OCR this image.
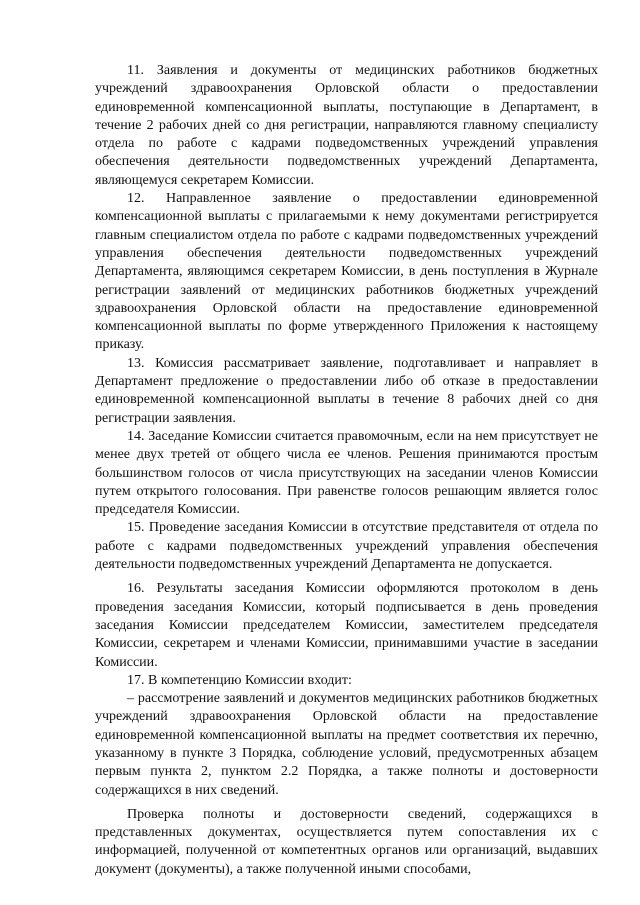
11. Заявления и документы от медицинских работников бюджетных учреждений здравоохранения Орловской области о предоставлении единовременной компенсационной выплаты, поступающие в Департамент, в течение 2 рабочих дней со дня регистрации, направляются главному специалисту отдела по работе с кадрами подведомственных учреждений управления обеспечения деятельности подведомственных учреждений Департамента, являющемуся секретарем Комиссии.

12. Направленное заявление о предоставлении единовременной компенсационной выплаты с прилагаемыми к нему документами регистрируется главным специалистом отдела по работе с кадрами подведомственных учреждений управления обеспечения деятельности подведомственных учреждений Департамента, являющимся секретарем Комиссии, в день поступления в Журнале регистрации заявлений от медицинских работников бюджетных учреждений здравоохранения Орловской области на предоставление единовременной компенсационной выплаты по форме утвержденного Приложения к настоящему приказу.

13. Комиссия рассматривает заявление, подготавливает и направляет в Департамент предложение о предоставлении либо об отказе в предоставлении единовременной компенсационной выплаты в течение 8 рабочих дней со дня регистрации заявления.

14. Заседание Комиссии считается правомочным, если на нем присутствует не менее двух третей от общего числа ее членов. Решения принимаются простым большинством голосов от числа присутствующих на заседании членов Комиссии путем открытого голосования. При равенстве голосов решающим является голос председателя Комиссии.

15. Проведение заседания Комиссии в отсутствие представителя от отдела по работе с кадрами подведомственных учреждений управления обеспечения деятельности подведомственных учреждений Департамента не допускается.

16. Результаты заседания Комиссии оформляются протоколом в день проведения заседания Комиссии, который подписывается в день проведения заседания Комиссии председателем Комиссии, заместителем председателя Комиссии, секретарем и членами Комиссии, принимавшими участие в заседании Комиссии.

17. В компетенцию Комиссии входит:

– рассмотрение заявлений и документов медицинских работников бюджетных учреждений здравоохранения Орловской области на предоставление единовременной компенсационной выплаты на предмет соответствия их перечню, указанному в пункте 3 Порядка, соблюдение условий, предусмотренных абзацем первым пункта 2, пунктом 2.2 Порядка, а также полноты и достоверности содержащихся в них сведений.

Проверка полноты и достоверности сведений, содержащихся в представленных документах, осуществляется путем сопоставления их с информацией, полученной от компетентных органов или организаций, выдавших документ (документы), а также полученной иными способами,
